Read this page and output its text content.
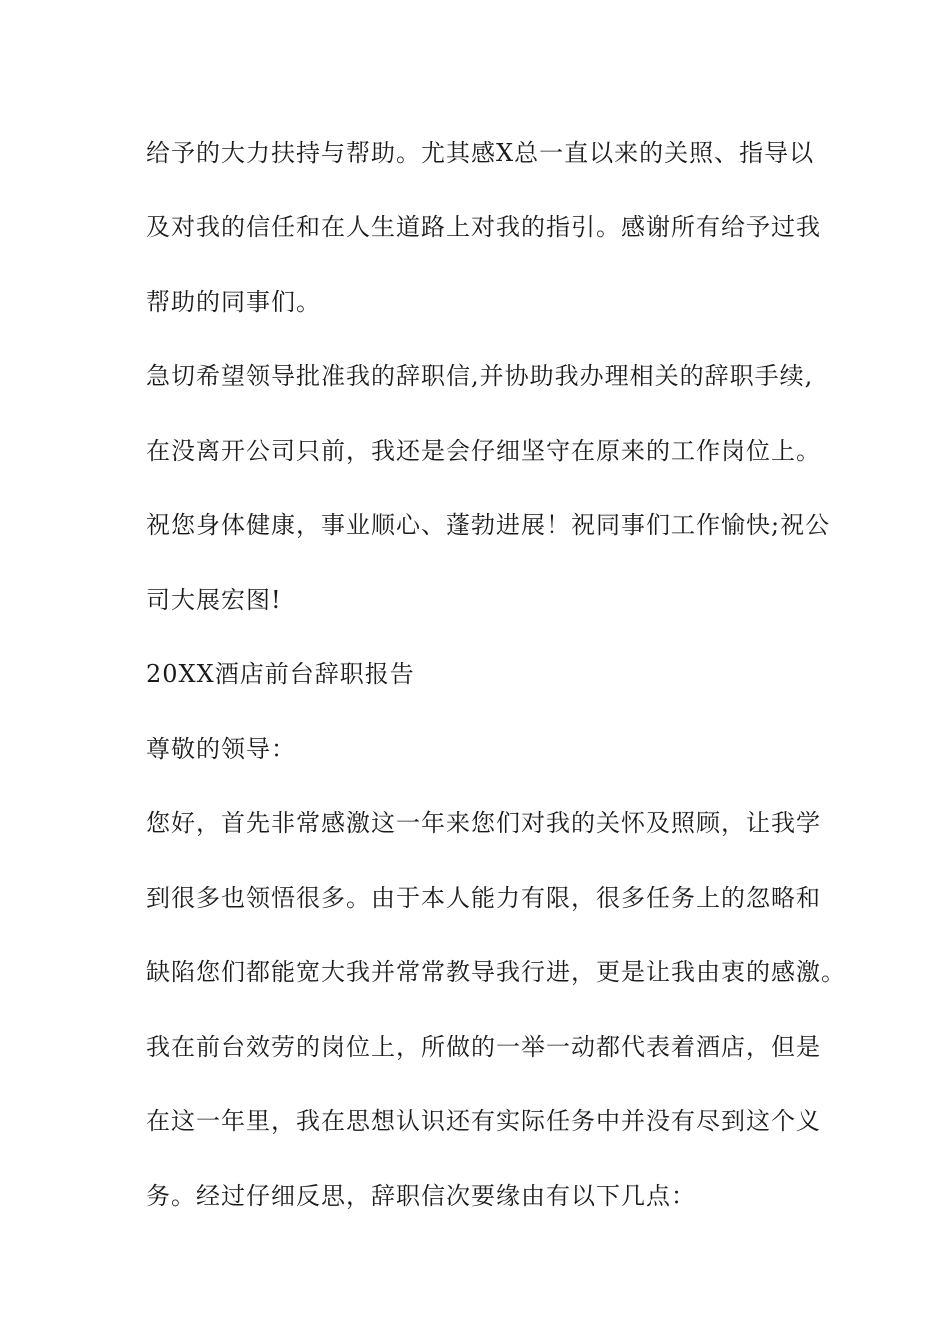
给予的大力扶持与帮助。尤其感X总一直以来的关照、指导以
及对我的信任和在人生道路上对我的指引。感谢所有给予过我
帮助的同事们。
急切希望领导批准我的辞职信,并协助我办理相关的辞职手续,
在没离开公司只前，我还是会仔细坚守在原来的工作岗位上。
祝您身体健康，事业顺心、蓬勃进展！祝同事们工作愉快;祝公
司大展宏图!
20XX酒店前台辞职报告
尊敬的领导：
您好，首先非常感激这一年来您们对我的关怀及照顾，让我学
到很多也领悟很多。由于本人能力有限，很多任务上的忽略和
缺陷您们都能宽大我并常常教导我行进，更是让我由衷的感激。
我在前台效劳的岗位上，所做的一举一动都代表着酒店，但是
在这一年里，我在思想认识还有实际任务中并没有尽到这个义
务。经过仔细反思，辞职信次要缘由有以下几点：
